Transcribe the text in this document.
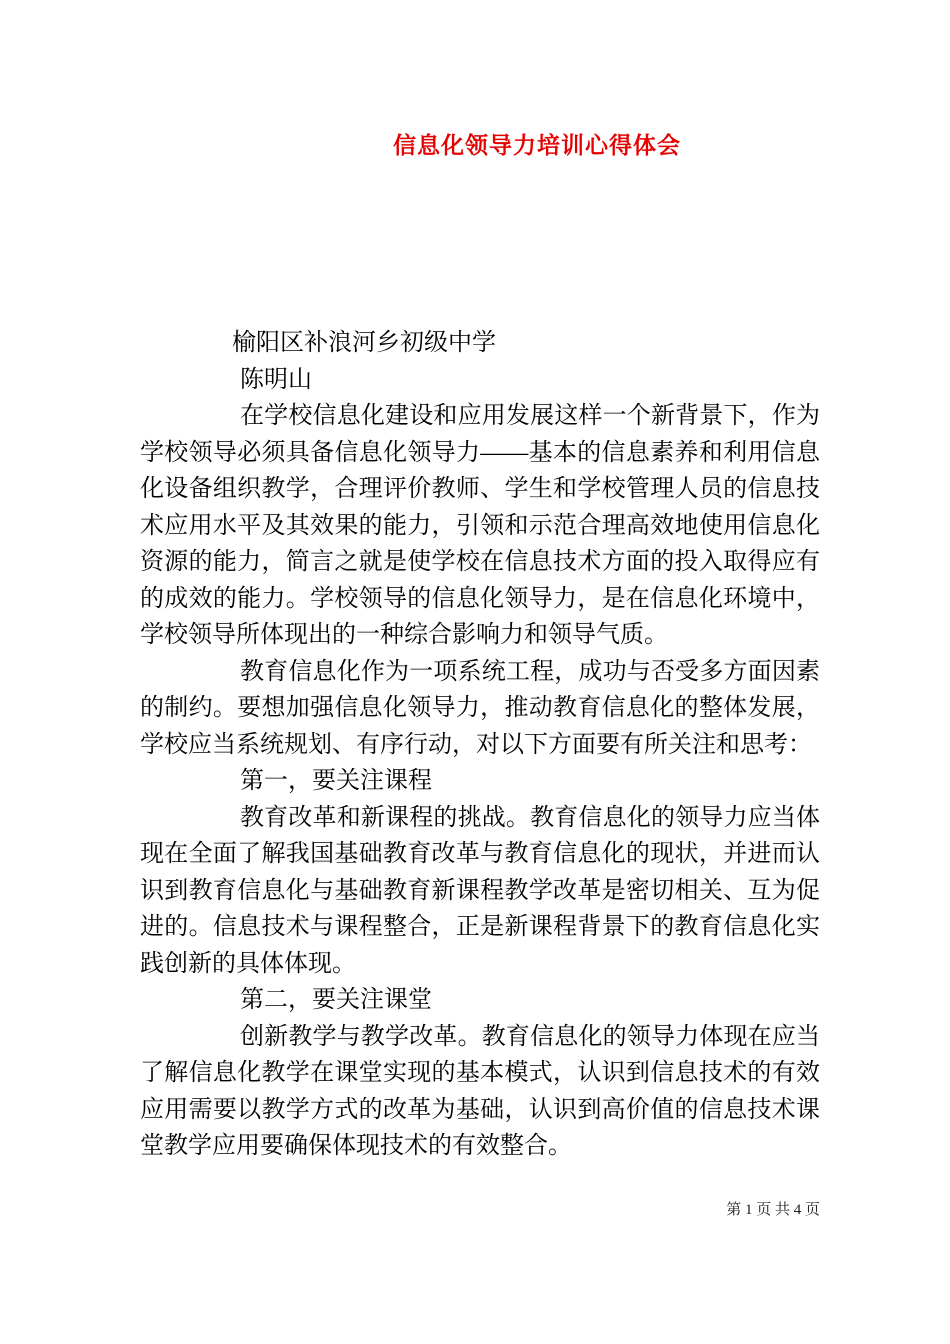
信息化领导力培训心得体会

榆阳区补浪河乡初级中学

陈明山

在学校信息化建设和应用发展这样一个新背景下，作为学校领导必须具备信息化领导力——基本的信息素养和利用信息化设备组织教学，合理评价教师、学生和学校管理人员的信息技术应用水平及其效果的能力，引领和示范合理高效地使用信息化资源的能力，简言之就是使学校在信息技术方面的投入取得应有的成效的能力。学校领导的信息化领导力，是在信息化环境中，学校领导所体现出的一种综合影响力和领导气质。

教育信息化作为一项系统工程，成功与否受多方面因素的制约。要想加强信息化领导力，推动教育信息化的整体发展，学校应当系统规划、有序行动，对以下方面要有所关注和思考：

第一，要关注课程

教育改革和新课程的挑战。教育信息化的领导力应当体现在全面了解我国基础教育改革与教育信息化的现状，并进而认识到教育信息化与基础教育新课程教学改革是密切相关、互为促进的。信息技术与课程整合，正是新课程背景下的教育信息化实践创新的具体体现。

第二，要关注课堂

创新教学与教学改革。教育信息化的领导力体现在应当了解信息化教学在课堂实现的基本模式，认识到信息技术的有效应用需要以教学方式的改革为基础，认识到高价值的信息技术课堂教学应用要确保体现技术的有效整合。

第 1 页 共 4 页
